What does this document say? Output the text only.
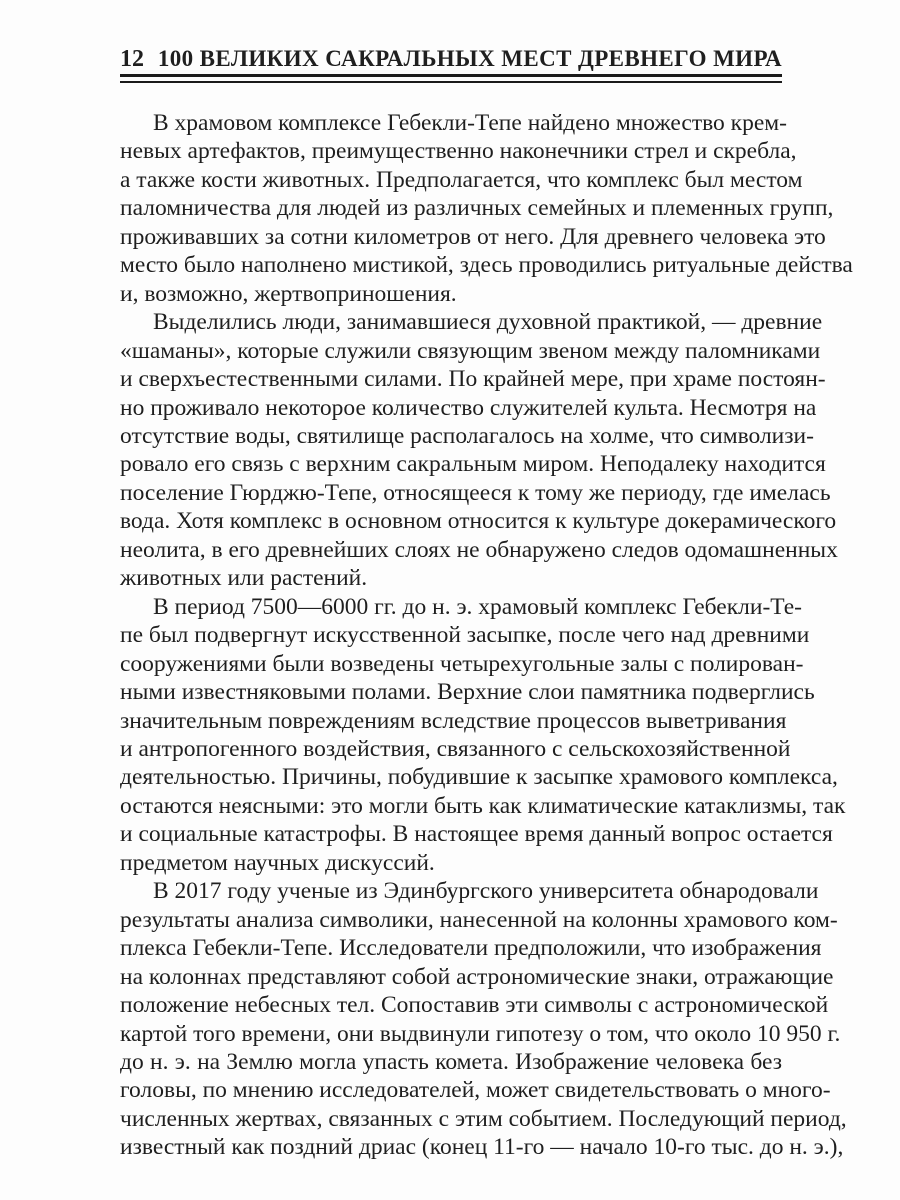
12 100 ВЕЛИКИХ САКРАЛЬНЫХ МЕСТ ДРЕВНЕГО МИРА
В храмовом комплексе Гебекли-Тепе найдено множество крем-
невых артефактов, преимущественно наконечники стрел и скребла,
а также кости животных. Предполагается, что комплекс был местом
паломничества для людей из различных семейных и племенных групп,
проживавших за сотни километров от него. Для древнего человека это
место было наполнено мистикой, здесь проводились ритуальные действа
и, возможно, жертвоприношения.
Выделились люди, занимавшиеся духовной практикой, — древние
«шаманы», которые служили связующим звеном между паломниками
и сверхъестественными силами. По крайней мере, при храме постоян-
но проживало некоторое количество служителей культа. Несмотря на
отсутствие воды, святилище располагалось на холме, что символизи-
ровало его связь с верхним сакральным миром. Неподалеку находится
поселение Гюрджю-Тепе, относящееся к тому же периоду, где имелась
вода. Хотя комплекс в основном относится к культуре докерамического
неолита, в его древнейших слоях не обнаружено следов одомашненных
животных или растений.
В период 7500—6000 гг. до н. э. храмовый комплекс Гебекли-Те-
пе был подвергнут искусственной засыпке, после чего над древними
сооружениями были возведены четырехугольные залы с полирован-
ными известняковыми полами. Верхние слои памятника подверглись
значительным повреждениям вследствие процессов выветривания
и антропогенного воздействия, связанного с сельскохозяйственной
деятельностью. Причины, побудившие к засыпке храмового комплекса,
остаются неясными: это могли быть как климатические катаклизмы, так
и социальные катастрофы. В настоящее время данный вопрос остается
предметом научных дискуссий.
В 2017 году ученые из Эдинбургского университета обнародовали
результаты анализа символики, нанесенной на колонны храмового ком-
плекса Гебекли-Тепе. Исследователи предположили, что изображения
на колоннах представляют собой астрономические знаки, отражающие
положение небесных тел. Сопоставив эти символы с астрономической
картой того времени, они выдвинули гипотезу о том, что около 10 950 г.
до н. э. на Землю могла упасть комета. Изображение человека без
головы, по мнению исследователей, может свидетельствовать о много-
численных жертвах, связанных с этим событием. Последующий период,
известный как поздний дриас (конец 11-го — начало 10-го тыс. до н. э.),
